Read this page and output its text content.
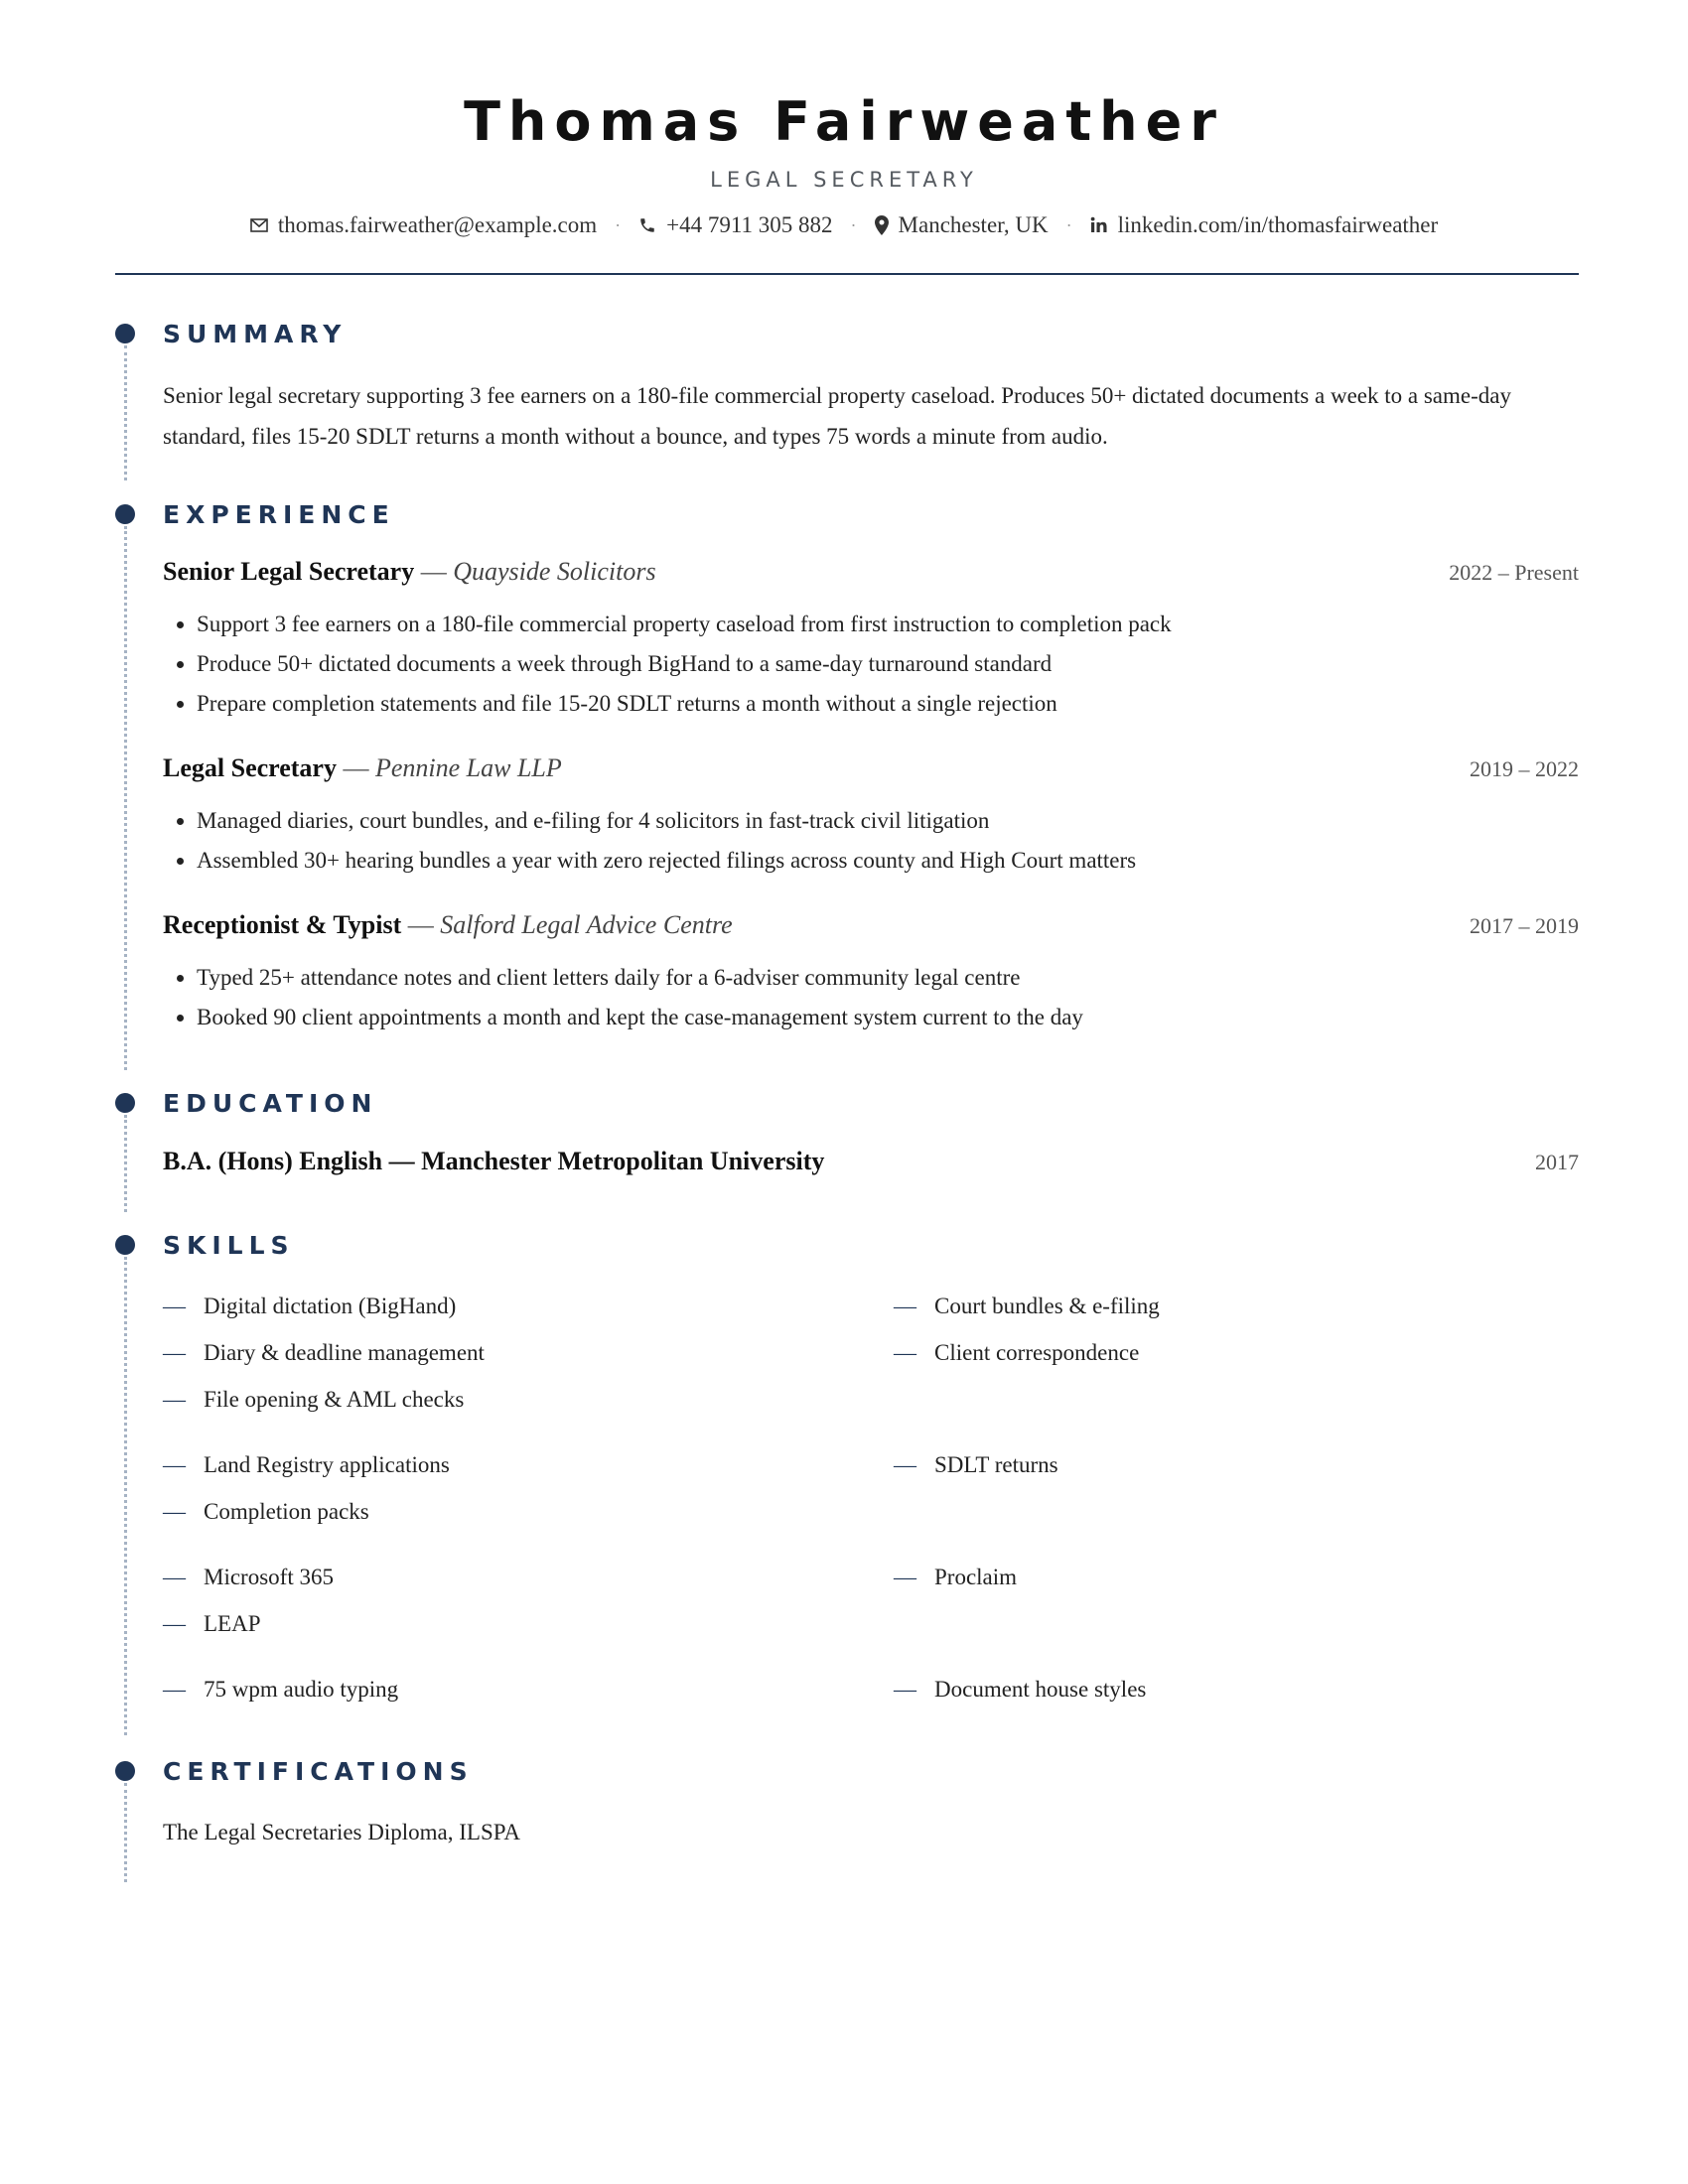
Thomas Fairweather
LEGAL SECRETARY
thomas.fairweather@example.com · +44 7911 305 882 · Manchester, UK · linkedin.com/in/thomasfairweather
SUMMARY

Senior legal secretary supporting 3 fee earners on a 180-file commercial property caseload. Produces 50+ dictated documents a week to a same-day standard, files 15-20 SDLT returns a month without a bounce, and types 75 words a minute from audio.

EXPERIENCE
Senior Legal Secretary — Quayside Solicitors	2022 – Present
• Support 3 fee earners on a 180-file commercial property caseload from first instruction to completion pack
• Produce 50+ dictated documents a week through BigHand to a same-day turnaround standard
• Prepare completion statements and file 15-20 SDLT returns a month without a single rejection
Legal Secretary — Pennine Law LLP	2019 – 2022
• Managed diaries, court bundles, and e-filing for 4 solicitors in fast-track civil litigation
• Assembled 30+ hearing bundles a year with zero rejected filings across county and High Court matters
Receptionist & Typist — Salford Legal Advice Centre	2017 – 2019
• Typed 25+ attendance notes and client letters daily for a 6-adviser community legal centre
• Booked 90 client appointments a month and kept the case-management system current to the day
EDUCATION
B.A. (Hons) English — Manchester Metropolitan University	2017
SKILLS
— Digital dictation (BigHand)	— Court bundles & e-filing
— Diary & deadline management	— Client correspondence
— File opening & AML checks
— Land Registry applications	— SDLT returns
— Completion packs
— Microsoft 365	— Proclaim
— LEAP
— 75 wpm audio typing	— Document house styles
CERTIFICATIONS
The Legal Secretaries Diploma, ILSPA
